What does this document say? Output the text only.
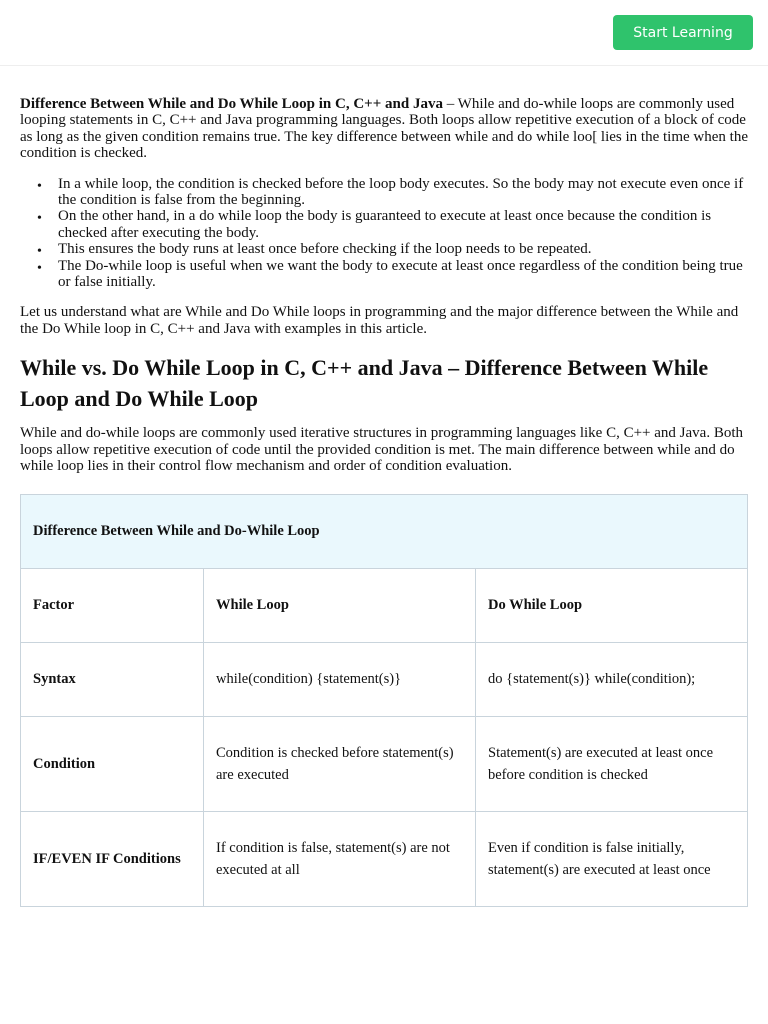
Start Learning

Difference Between While and Do While Loop in C, C++ and Java – While and do-while loops are commonly used looping statements in C, C++ and Java programming languages. Both loops allow repetitive execution of a block of code as long as the given condition remains true. The key difference between while and do while loo[ lies in the time when the condition is checked.

• In a while loop, the condition is checked before the loop body executes. So the body may not execute even once if the condition is false from the beginning.
• On the other hand, in a do while loop the body is guaranteed to execute at least once because the condition is checked after executing the body.
• This ensures the body runs at least once before checking if the loop needs to be repeated.
• The Do-while loop is useful when we want the body to execute at least once regardless of the condition being true or false initially.

Let us understand what are While and Do While loops in programming and the major difference between the While and the Do While loop in C, C++ and Java with examples in this article.

While vs. Do While Loop in C, C++ and Java – Difference Between While Loop and Do While Loop

While and do-while loops are commonly used iterative structures in programming languages like C, C++ and Java. Both loops allow repetitive execution of code until the provided condition is met. The main difference between while and do while loop lies in their control flow mechanism and order of condition evaluation.

Difference Between While and Do-While Loop		
Factor	While Loop	Do While Loop
Syntax	while(condition) {statement(s)}	do {statement(s)} while(condition);
Condition	Condition is checked before statement(s) are executed	Statement(s) are executed at least once before condition is checked
IF/EVEN IF Conditions	If condition is false, statement(s) are not executed at all	Even if condition is false initially, statement(s) are executed at least once
